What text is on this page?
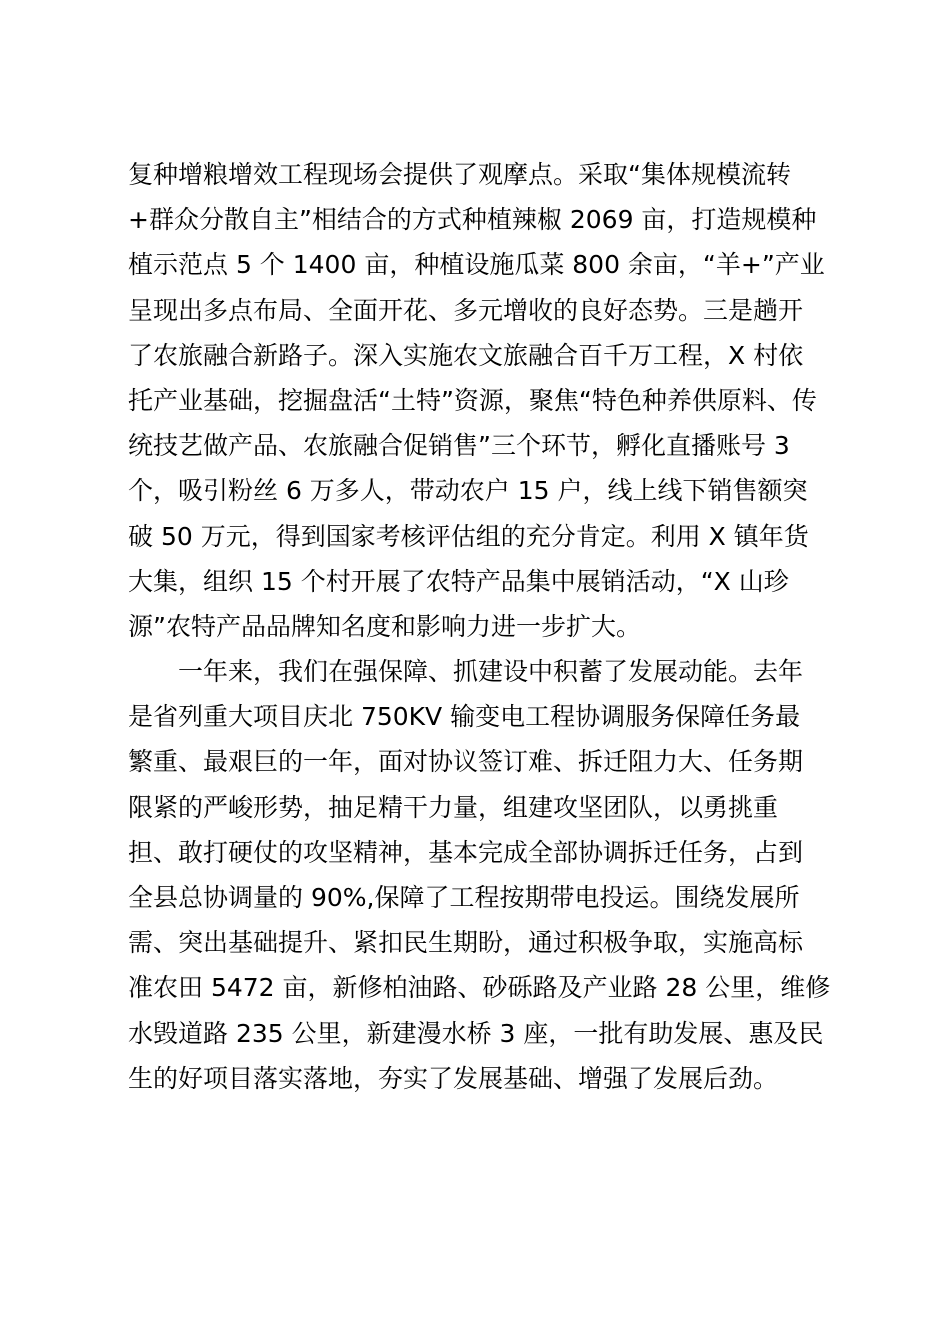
复种增粮增效工程现场会提供了观摩点。采取“集体规模流转
+群众分散自主”相结合的方式种植辣椒 2069 亩，打造规模种
植示范点 5 个 1400 亩，种植设施瓜菜 800 余亩，“羊+”产业
呈现出多点布局、全面开花、多元增收的良好态势。三是趟开
了农旅融合新路子。深入实施农文旅融合百千万工程，X 村依
托产业基础，挖掘盘活“土特”资源，聚焦“特色种养供原料、传
统技艺做产品、农旅融合促销售”三个环节，孵化直播账号 3
个，吸引粉丝 6 万多人，带动农户 15 户，线上线下销售额突
破 50 万元，得到国家考核评估组的充分肯定。利用 X 镇年货
大集，组织 15 个村开展了农特产品集中展销活动，“X 山珍
源”农特产品品牌知名度和影响力进一步扩大。
一年来，我们在强保障、抓建设中积蓄了发展动能。去年
是省列重大项目庆北 750KV 输变电工程协调服务保障任务最
繁重、最艰巨的一年，面对协议签订难、拆迁阻力大、任务期
限紧的严峻形势，抽足精干力量，组建攻坚团队，以勇挑重
担、敢打硬仗的攻坚精神，基本完成全部协调拆迁任务，占到
全县总协调量的 90%,保障了工程按期带电投运。围绕发展所
需、突出基础提升、紧扣民生期盼，通过积极争取，实施高标
准农田 5472 亩，新修柏油路、砂砾路及产业路 28 公里，维修
水毁道路 235 公里，新建漫水桥 3 座，一批有助发展、惠及民
生的好项目落实落地，夯实了发展基础、增强了发展后劲。
